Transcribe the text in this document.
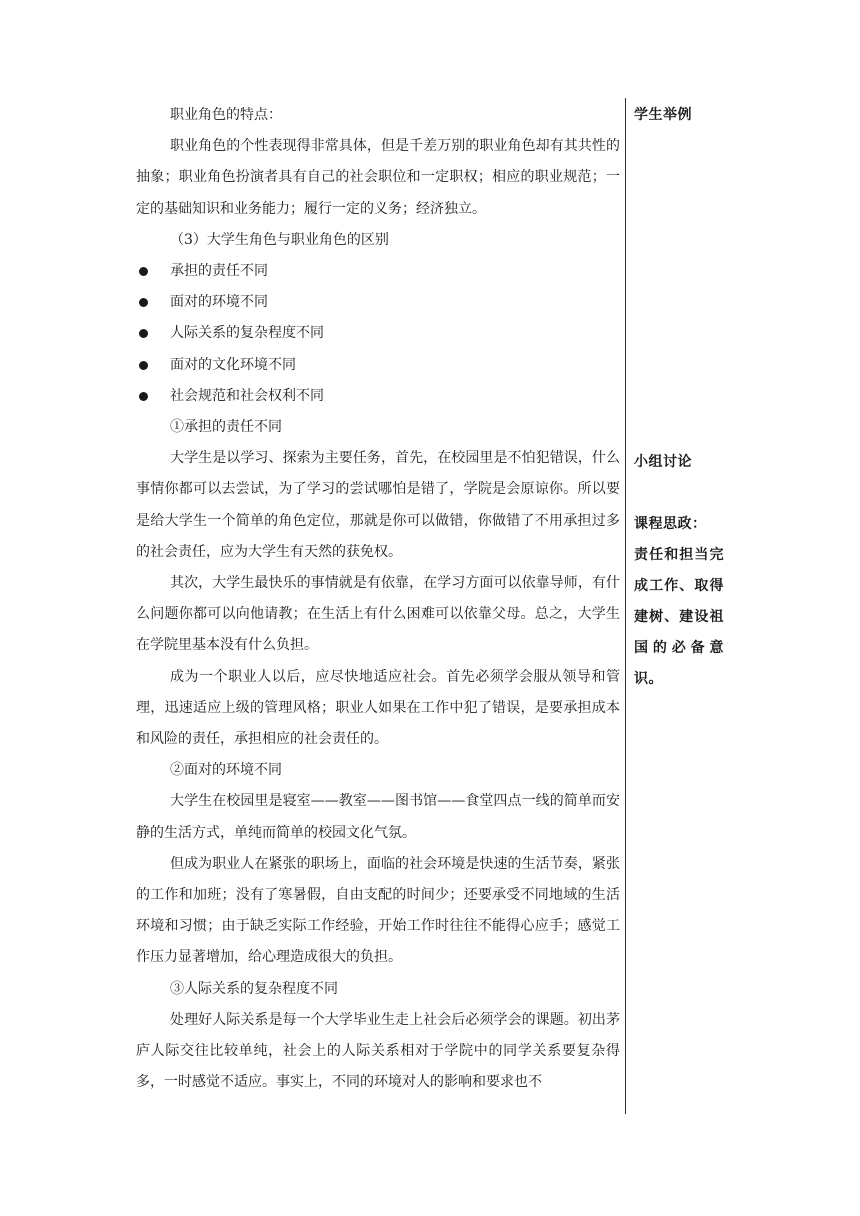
职业角色的特点：

职业角色的个性表现得非常具体，但是千差万别的职业角色却有其共性的抽象；职业角色扮演者具有自己的社会职位和一定职权；相应的职业规范；一定的基础知识和业务能力；履行一定的义务；经济独立。

（3）大学生角色与职业角色的区别

承担的责任不同

面对的环境不同

人际关系的复杂程度不同

面对的文化环境不同

社会规范和社会权利不同

①承担的责任不同

大学生是以学习、探索为主要任务，首先，在校园里是不怕犯错误，什么事情你都可以去尝试，为了学习的尝试哪怕是错了，学院是会原谅你。所以要是给大学生一个简单的角色定位，那就是你可以做错，你做错了不用承担过多的社会责任，应为大学生有天然的获免权。

其次，大学生最快乐的事情就是有依靠，在学习方面可以依靠导师，有什么问题你都可以向他请教；在生活上有什么困难可以依靠父母。总之，大学生在学院里基本没有什么负担。

成为一个职业人以后，应尽快地适应社会。首先必须学会服从领导和管理，迅速适应上级的管理风格；职业人如果在工作中犯了错误，是要承担成本和风险的责任，承担相应的社会责任的。

②面对的环境不同

大学生在校园里是寝室——教室——图书馆——食堂四点一线的简单而安静的生活方式，单纯而简单的校园文化气氛。

但成为职业人在紧张的职场上，面临的社会环境是快速的生活节奏，紧张的工作和加班；没有了寒暑假，自由支配的时间少；还要承受不同地域的生活环境和习惯；由于缺乏实际工作经验，开始工作时往往不能得心应手；感觉工作压力显著增加，给心理造成很大的负担。

③人际关系的复杂程度不同

处理好人际关系是每一个大学毕业生走上社会后必须学会的课题。初出茅庐人际交往比较单纯，社会上的人际关系相对于学院中的同学关系要复杂得多，一时感觉不适应。事实上，不同的环境对人的影响和要求也不

学生举例

小组讨论

课程思政：

责任和担当完成工作、取得建树、建设祖国的必备意识。
